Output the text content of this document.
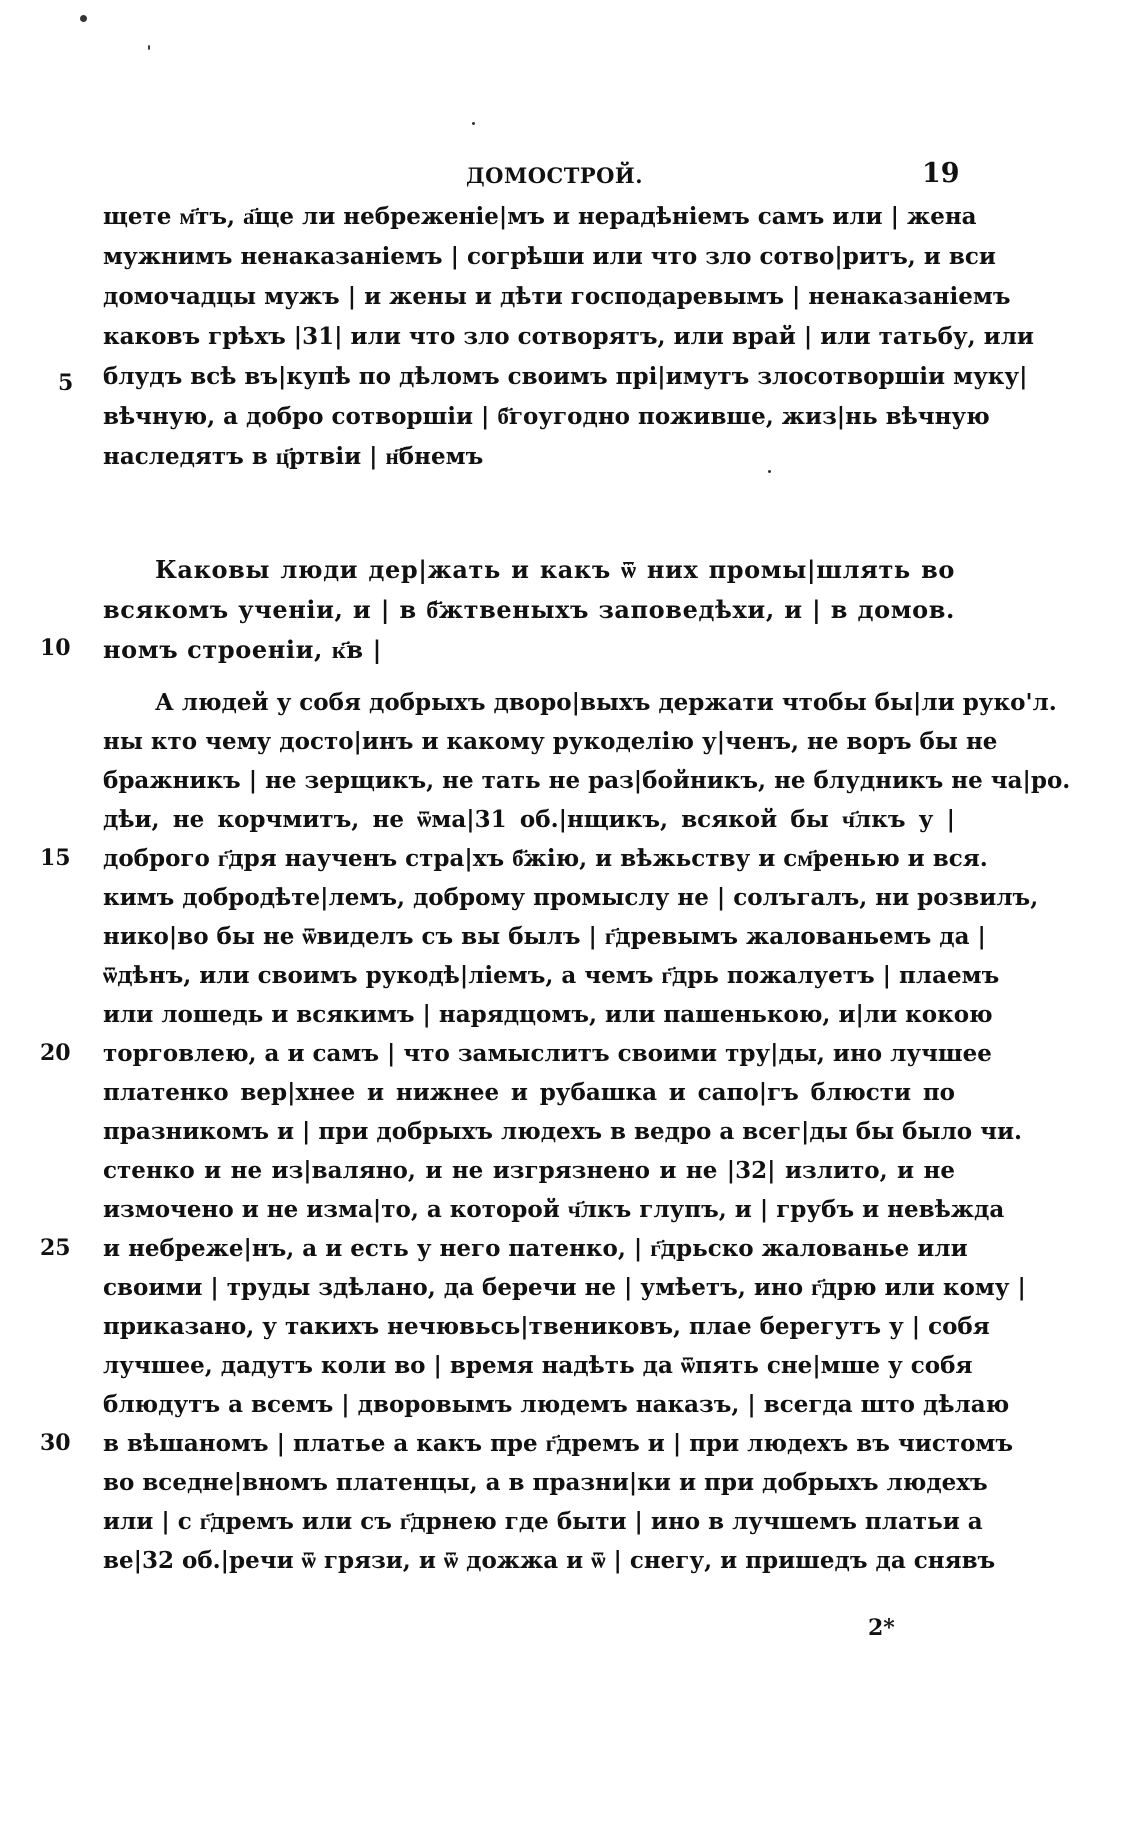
ДОМОСТРОЙ.	19
щете м҃тъ, а҃ще ли небреженiе|мъ и нерадѣнiемъ самъ или | жена
мужнимъ ненаказанiемъ | согрѣши или что зло сотво|ритъ, и вси
домочадцы мужъ | и жены и дѣти господаревымъ | ненаказанiемъ
каковъ грѣхъ |31| или что зло сотворятъ, или врай | или татьбу, или
блудъ всѣ въ|купѣ по дѣломъ своимъ прi|имутъ злосотворшiи муку|
вѣчную, а добро сотворшiи | б҃гоугодно поживше, жиз|нь вѣчную
наследятъ в ц҃ртвiи | н҃бнемъ
Каковы люди дер|жать и какъ ѿ них промы|шлять во
всякомъ ученiи, и | в б҃жтвеныхъ заповедѣхи, и | в домов.
номъ строенiи, к҃в |
А людей у собя добрыхъ дворо|выхъ держати чтобы бы|ли руко'л.
ны кто чему досто|инъ и какому рукоделiю у|ченъ, не воръ бы не
бражникъ | не зерщикъ, не тать не раз|бойникъ, не блудникъ не ча|ро.
дѣи, не корчмитъ, не ѿма|31 об.|нщикъ, всякой бы ч҃лкъ у |
доброго г҃дря наученъ стра|хъ б҃жiю, и вѣжьству и см҃ренью и вся.
кимъ добродѣте|лемъ, доброму промыслу не | солъгалъ, ни розвилъ,
нико|во бы не ѿвиделъ съ вы былъ | г҃древымъ жалованьемъ да |
ѿдѣнъ, или своимъ рукодѣ|лiемъ, а чемъ г҃дрь пожалуетъ | плаемъ
или лошедь и всякимъ | нарядцомъ, или пашенькою, и|ли кокою
торговлею, а и самъ | что замыслитъ своими тру|ды, ино лучшее
платенко вер|хнее и нижнее и рубашка и сапо|гъ блюсти по
празникомъ и | при добрыхъ людехъ в ведро а всег|ды бы было чи.
стенко и не из|валяно, и не изгрязнено и не |32| излито, и не
измочено и не изма|то, а которой ч҃лкъ глупъ, и | грубъ и невѣжда
и небреже|нъ, а и есть у него патенко, | г҃дрьско жалованье или
своими | труды здѣлано, да беречи не | умѣетъ, ино г҃дрю или кому |
приказано, у такихъ нечювьсь|твениковъ, плаe берегутъ у | собя
лучшее, дадутъ коли во | время надѣть да ѿпять сне|мше у собя
блюдутъ а всемъ | дворовымъ людемъ наказъ, | всегда што дѣлаю
в вѣшаномъ | платье а какъ пре г҃дремъ и | при людехъ въ чистомъ
во вседне|вномъ платенцы, а в празни|ки и при добрыхъ людехъ
или | с г҃дремъ или съ г҃дрнею где быти | ино в лучшемъ платьи а
ве|32 об.|речи ѿ грязи, и ѿ дожжа и ѿ | снегу, и пришедъ да снявъ
5
10
15
20
25
30
2*
